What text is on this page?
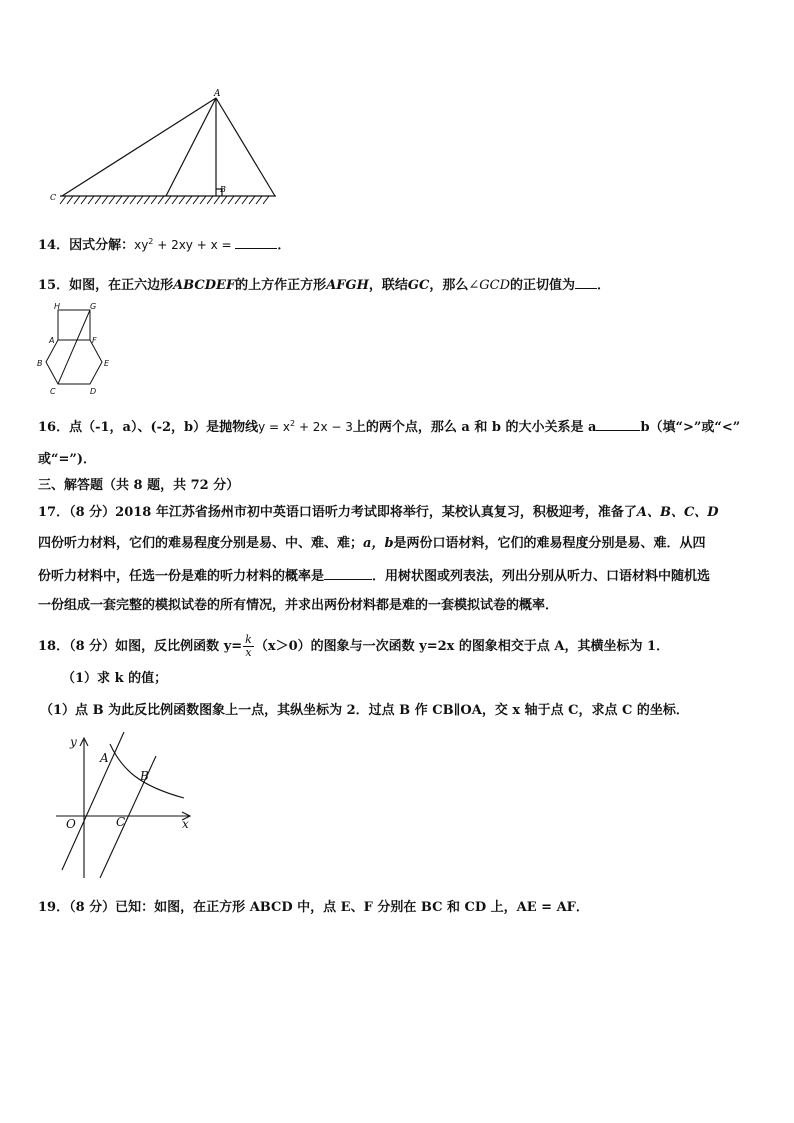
A
B
C
14．因式分解：$xy^2 + 2xy + x$ =	．
15．如图，在正六边形ABCDEF的上方作正方形AFGH，联结GC，那么∠GCD的正切值为 ．
H	G
A	F
B	E
C	D
16．点（-1，a）、(-2，b）是抛物线$y = x^2 + 2x - 3$上的两个点，那么 a 和 b 的大小关系是 a	b（填“>”或“<”
或“=”)．
三、解答题（共 8 题，共 72 分）
17．（8 分）2018 年江苏省扬州市初中英语口语听力考试即将举行，某校认真复习，积极迎考，准备了A、B、C、D
四份听力材料，它们的难易程度分别是易、中、难、难；a，b是两份口语材料，它们的难易程度分别是易、难．从四
份听力材料中，任选一份是难的听力材料的概率是	．用树状图或列表法，列出分别从听力、口语材料中随机选
一份组成一套完整的模拟试卷的所有情况，并求出两份材料都是难的一套模拟试卷的概率．
18．（8 分）如图，反比例函数 $y= \frac{k}{x} (x>0)$的图象与一次函数 y=2x 的图象相交于点 A，其横坐标为 1．
（1）求 k 的值；
（1）点 B 为此反比例函数图象上一点，其纵坐标为 2．过点 B 作 CB∥OA，交 x 轴于点 C，求点 C 的坐标．
y
x
O
A
B
C
19．（8 分）已知：如图，在正方形 ABCD 中，点 E、F 分别在 BC 和 CD 上，AE = AF．
